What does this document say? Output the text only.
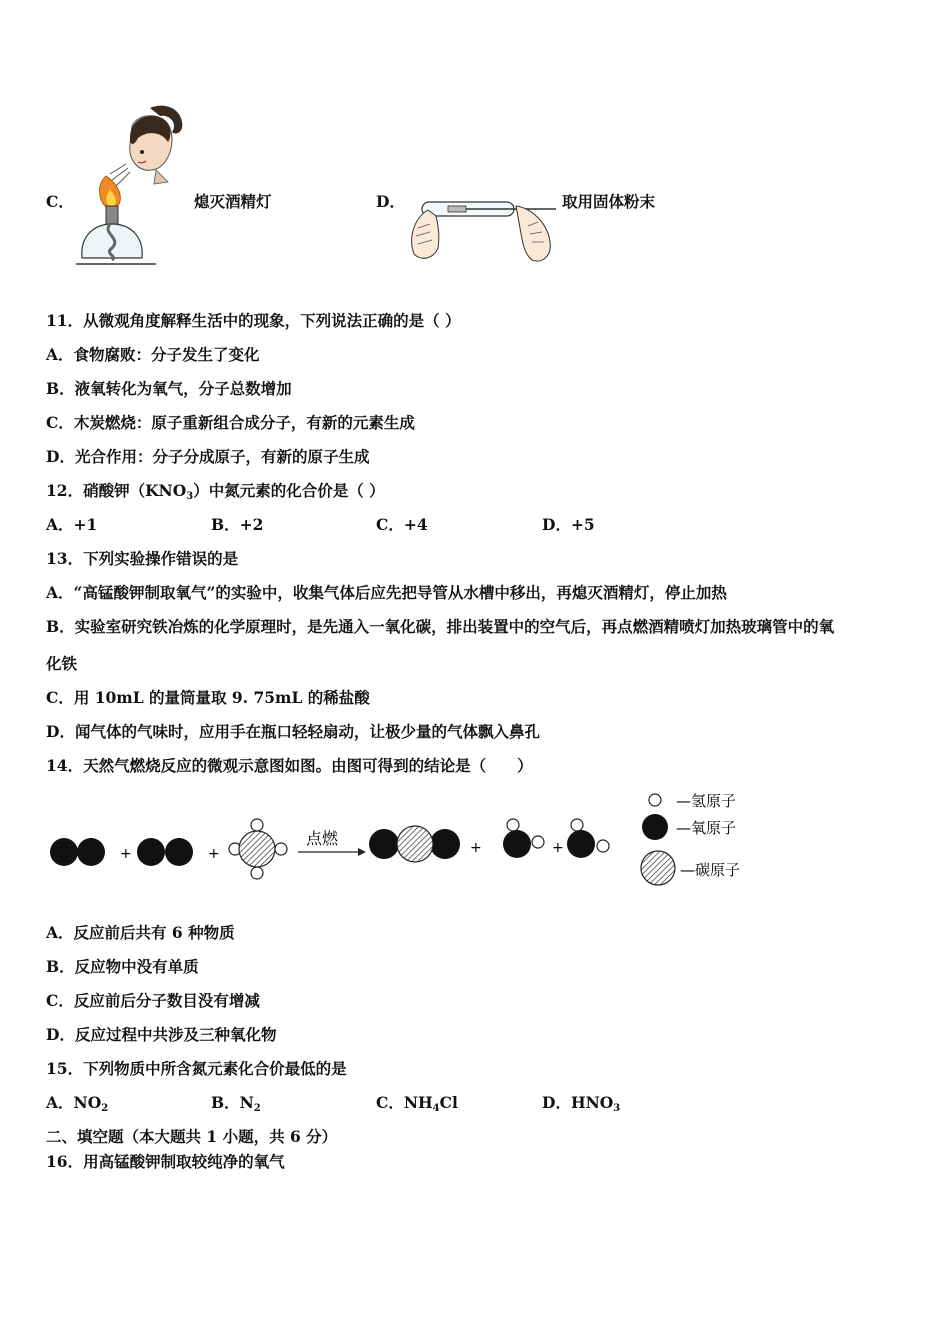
C．	熄灭酒精灯	D．	取用固体粉末
11．从微观角度解释生活中的现象，下列说法正确的是（ ）
A．食物腐败：分子发生了变化
B．液氧转化为氧气，分子总数增加
C．木炭燃烧：原子重新组合成分子，有新的元素生成
D．光合作用：分子分成原子，有新的原子生成
12．硝酸钾$(KNO_3)$中氮元素的化合价是（ ）
A．+1	B．+2	C．+4	D．+5
13．下列实验操作错误的是
A．“高锰酸钾制取氧气”的实验中，收集气体后应先把导管从水槽中移出，再熄灭酒精灯，停止加热
B．实验室研究铁冶炼的化学原理时，是先通入一氧化碳，排出装置中的空气后，再点燃酒精喷灯加热玻璃管中的氧
化铁
C．用 10mL 的量筒量取 9. 75mL 的稀盐酸
D．闻气体的气味时，应用手在瓶口轻轻扇动，让极少量的气体飘入鼻孔
14．天然气燃烧反应的微观示意图如图。由图可得到的结论是（　　）
+	+
点燃	+	+
—氢原子
—氧原子
—碳原子
A．反应前后共有 6 种物质
B．反应物中没有单质
C．反应前后分子数目没有增减
D．反应过程中共涉及三种氧化物
15．下列物质中所含氮元素化合价最低的是
A．$NO_2$	B．$N_2$	C．$NH_4Cl$	D．$HNO_3$
二、填空题（本大题共 1 小题，共 6 分）
16．用高锰酸钾制取较纯净的氧气
